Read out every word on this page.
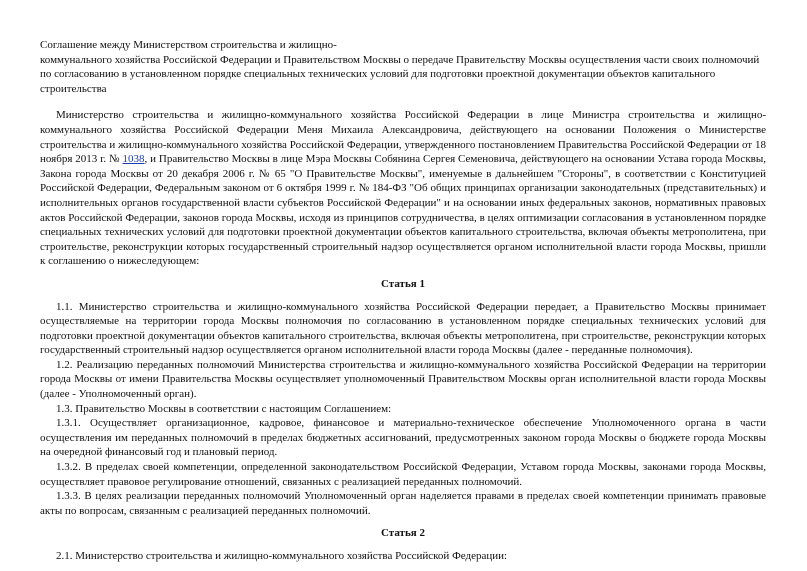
Соглашение между Министерством строительства и жилищно-

коммунального хозяйства Российской Федерации и Правительством Москвы о передаче Правительству Москвы осуществления части своих полномочий

по согласованию в установленном порядке специальных технических условий для подготовки проектной документации объектов капитального

строительства

Министерство строительства и жилищно-коммунального хозяйства Российской Федерации в лице Министра строительства и жилищно-коммунального хозяйства Российской Федерации Меня Михаила Александровича, действующего на основании Положения о Министерстве строительства и жилищно-коммунального хозяйства Российской Федерации, утвержденного постановлением Правительства Российской Федерации от 18 ноября 2013 г. № 1038, и Правительство Москвы в лице Мэра Москвы Собянина Сергея Семеновича, действующего на основании Устава города Москвы, Закона города Москвы от 20 декабря 2006 г. № 65 "О Правительстве Москвы", именуемые в дальнейшем "Стороны", в соответствии с Конституцией Российской Федерации, Федеральным законом от 6 октября 1999 г. № 184-ФЗ "Об общих принципах организации законодательных (представительных) и исполнительных органов государственной власти субъектов Российской Федерации" и на основании иных федеральных законов, нормативных правовых актов Российской Федерации, законов города Москвы, исходя из принципов сотрудничества, в целях оптимизации согласования в установленном порядке специальных технических условий для подготовки проектной документации объектов капитального строительства, включая объекты метрополитена, при строительстве, реконструкции которых государственный строительный надзор осуществляется органом исполнительной власти города Москвы, пришли к соглашению о нижеследующем:

Статья 1

1.1. Министерство строительства и жилищно-коммунального хозяйства Российской Федерации передает, а Правительство Москвы принимает осуществляемые на территории города Москвы полномочия по согласованию в установленном порядке специальных технических условий для подготовки проектной документации объектов капитального строительства, включая объекты метрополитена, при строительстве, реконструкции которых государственный строительный надзор осуществляется органом исполнительной власти города Москвы (далее - переданные полномочия).

1.2. Реализацию переданных полномочий Министерства строительства и жилищно-коммунального хозяйства Российской Федерации на территории города Москвы от имени Правительства Москвы осуществляет уполномоченный Правительством Москвы орган исполнительной власти города Москвы (далее - Уполномоченный орган).

1.3. Правительство Москвы в соответствии с настоящим Соглашением:

1.3.1. Осуществляет организационное, кадровое, финансовое и материально-техническое обеспечение Уполномоченного органа в части осуществления им переданных полномочий в пределах бюджетных ассигнований, предусмотренных законом города Москвы о бюджете города Москвы на очередной финансовый год и плановый период.

1.3.2. В пределах своей компетенции, определенной законодательством Российской Федерации, Уставом города Москвы, законами города Москвы, осуществляет правовое регулирование отношений, связанных с реализацией переданных полномочий.

1.3.3. В целях реализации переданных полномочий Уполномоченный орган наделяется правами в пределах своей компетенции принимать правовые акты по вопросам, связанным с реализацией переданных полномочий.

Статья 2

2.1. Министерство строительства и жилищно-коммунального хозяйства Российской Федерации:
